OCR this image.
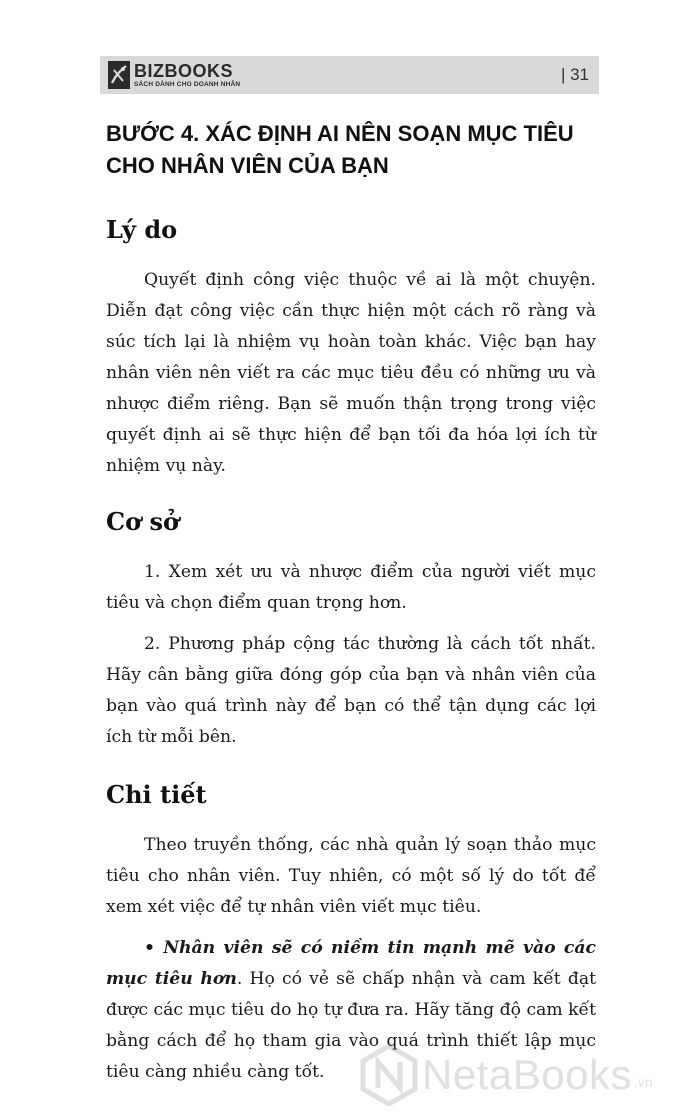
BIZBOOKS
SÁCH DÀNH CHO DOANH NHÂN
| 31
BƯỚC 4. XÁC ĐỊNH AI NÊN SOẠN MỤC TIÊU
CHO NHÂN VIÊN CỦA BẠN
Lý do

Quyết định công việc thuộc về ai là một chuyện. Diễn đạt công việc cần thực hiện một cách rõ ràng và súc tích lại là nhiệm vụ hoàn toàn khác. Việc bạn hay nhân viên nên viết ra các mục tiêu đều có những ưu và nhược điểm riêng. Bạn sẽ muốn thận trọng trong việc quyết định ai sẽ thực hiện để bạn tối đa hóa lợi ích từ nhiệm vụ này.

Cơ sở

1. Xem xét ưu và nhược điểm của người viết mục tiêu và chọn điểm quan trọng hơn.

2. Phương pháp cộng tác thường là cách tốt nhất. Hãy cân bằng giữa đóng góp của bạn và nhân viên của bạn vào quá trình này để bạn có thể tận dụng các lợi ích từ mỗi bên.

Chi tiết

Theo truyền thống, các nhà quản lý soạn thảo mục tiêu cho nhân viên. Tuy nhiên, có một số lý do tốt để xem xét việc để tự nhân viên viết mục tiêu.

• Nhân viên sẽ có niềm tin mạnh mẽ vào các mục tiêu hơn. Họ có vẻ sẽ chấp nhận và cam kết đạt được các mục tiêu do họ tự đưa ra. Hãy tăng độ cam kết bằng cách để họ tham gia vào quá trình thiết lập mục tiêu càng nhiều càng tốt.	NetaBooks .vn
